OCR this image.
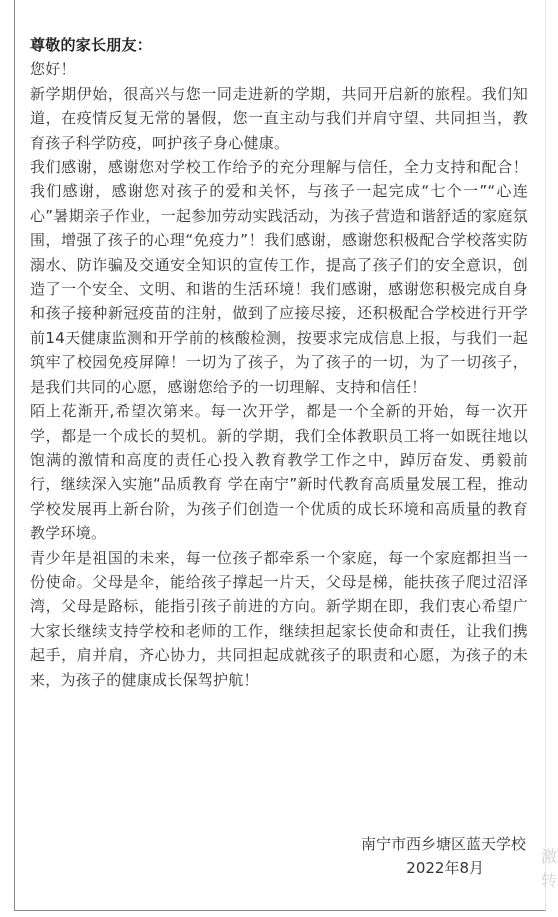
尊敬的家长朋友：

您好！

新学期伊始，很高兴与您一同走进新的学期，共同开启新的旅程。我们知道，在疫情反复无常的暑假，您一直主动与我们并肩守望、共同担当，教育孩子科学防疫，呵护孩子身心健康。

我们感谢，感谢您对学校工作给予的充分理解与信任，全力支持和配合！我们感谢，感谢您对孩子的爱和关怀，与孩子一起完成“七个一”“心连心”暑期亲子作业，一起参加劳动实践活动，为孩子营造和谐舒适的家庭氛围，增强了孩子的心理“免疫力”！我们感谢，感谢您积极配合学校落实防溺水、防诈骗及交通安全知识的宣传工作，提高了孩子们的安全意识，创造了一个安全、文明、和谐的生活环境！我们感谢，感谢您积极完成自身和孩子接种新冠疫苗的注射，做到了应接尽接，还积极配合学校进行开学前14天健康监测和开学前的核酸检测，按要求完成信息上报，与我们一起筑牢了校园免疫屏障！一切为了孩子，为了孩子的一切，为了一切孩子，是我们共同的心愿，感谢您给予的一切理解、支持和信任！

陌上花渐开,希望次第来。每一次开学，都是一个全新的开始，每一次开学，都是一个成长的契机。新的学期，我们全体教职员工将一如既往地以饱满的激情和高度的责任心投入教育教学工作之中，踔厉奋发、勇毅前行，继续深入实施“品质教育 学在南宁”新时代教育高质量发展工程，推动学校发展再上新台阶，为孩子们创造一个优质的成长环境和高质量的教育教学环境。

青少年是祖国的未来，每一位孩子都牵系一个家庭，每一个家庭都担当一份使命。父母是伞，能给孩子撑起一片天，父母是梯，能扶孩子爬过沼泽湾，父母是路标，能指引孩子前进的方向。新学期在即，我们衷心希望广大家长继续支持学校和老师的工作，继续担起家长使命和责任，让我们携起手，肩并肩，齐心协力，共同担起成就孩子的职责和心愿，为孩子的未来，为孩子的健康成长保驾护航！

南宁市西乡塘区蓝天学校
2022年8月
激转
